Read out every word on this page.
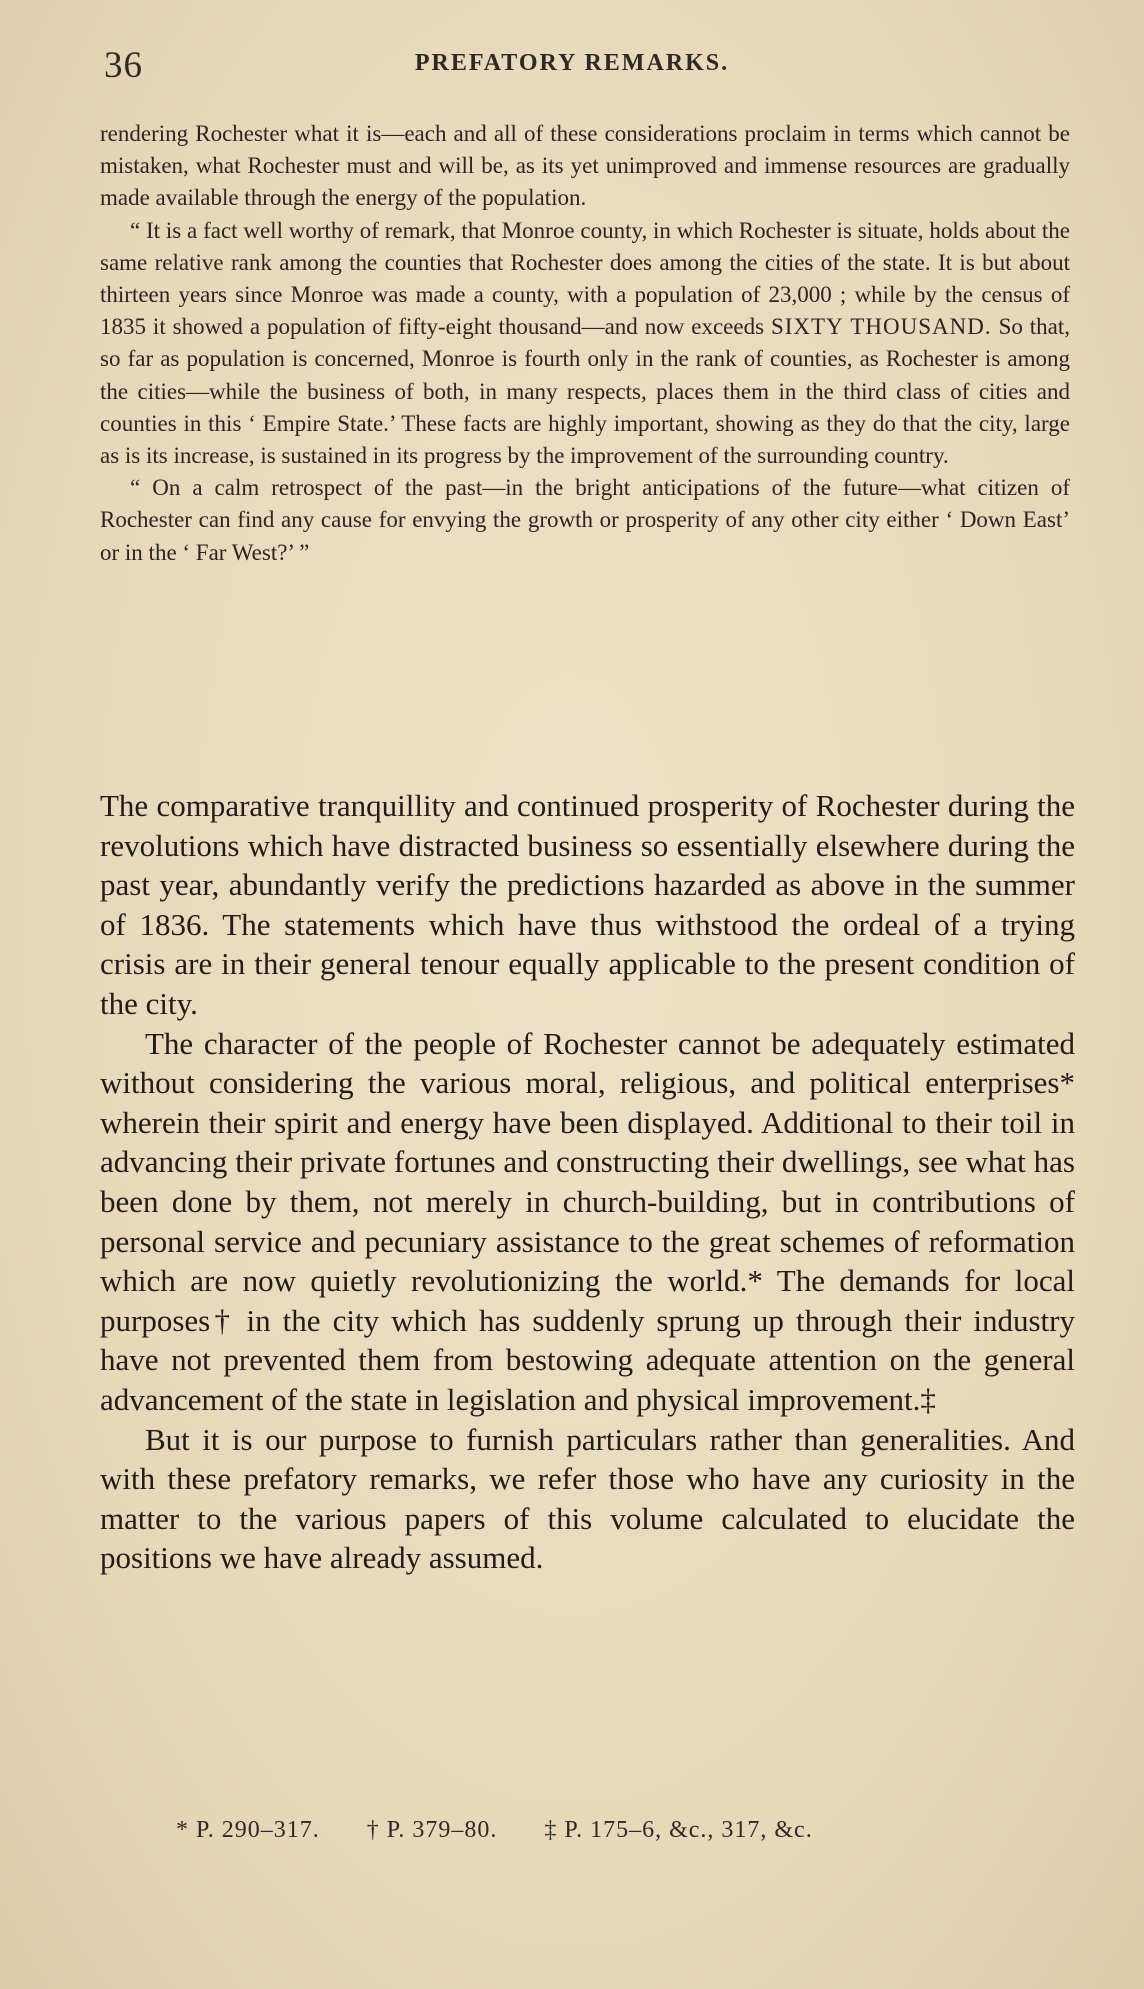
36	PREFATORY REMARKS.

rendering Rochester what it is—each and all of these considerations proclaim in terms which cannot be mistaken, what Rochester must and will be, as its yet unimproved and immense resources are gradually made available through the energy of the population.

“ It is a fact well worthy of remark, that Monroe county, in which Rochester is situate, holds about the same relative rank among the counties that Rochester does among the cities of the state. It is but about thirteen years since Monroe was made a county, with a population of 23,000 ; while by the census of 1835 it showed a population of fifty-eight thousand—and now exceeds SIXTY THOUSAND. So that, so far as population is concerned, Monroe is fourth only in the rank of counties, as Rochester is among the cities—while the business of both, in many respects, places them in the third class of cities and counties in this ‘ Empire State.’ These facts are highly important, showing as they do that the city, large as is its increase, is sustained in its progress by the improvement of the surrounding country.

“ On a calm retrospect of the past—in the bright anticipations of the future—what citizen of Rochester can find any cause for envying the growth or prosperity of any other city either ‘ Down East’ or in the ‘ Far West?’ ”

The comparative tranquillity and continued prosperity of Rochester during the revolutions which have distracted business so essentially elsewhere during the past year, abundantly verify the predictions hazarded as above in the summer of 1836. The statements which have thus withstood the ordeal of a trying crisis are in their general tenour equally applicable to the present condition of the city.

The character of the people of Rochester cannot be adequately estimated without considering the various moral, religious, and political enterprises* wherein their spirit and energy have been displayed. Additional to their toil in advancing their private fortunes and constructing their dwellings, see what has been done by them, not merely in church-building, but in contributions of personal service and pecuniary assistance to the great schemes of reformation which are now quietly revolutionizing the world.* The demands for local purposes† in the city which has suddenly sprung up through their industry have not prevented them from bestowing adequate attention on the general advancement of the state in legislation and physical improvement.‡

But it is our purpose to furnish particulars rather than generalities. And with these prefatory remarks, we refer those who have any curiosity in the matter to the various papers of this volume calculated to elucidate the positions we have already assumed.

* P. 290–317. † P. 379–80. ‡ P. 175–6, &c., 317, &c.
